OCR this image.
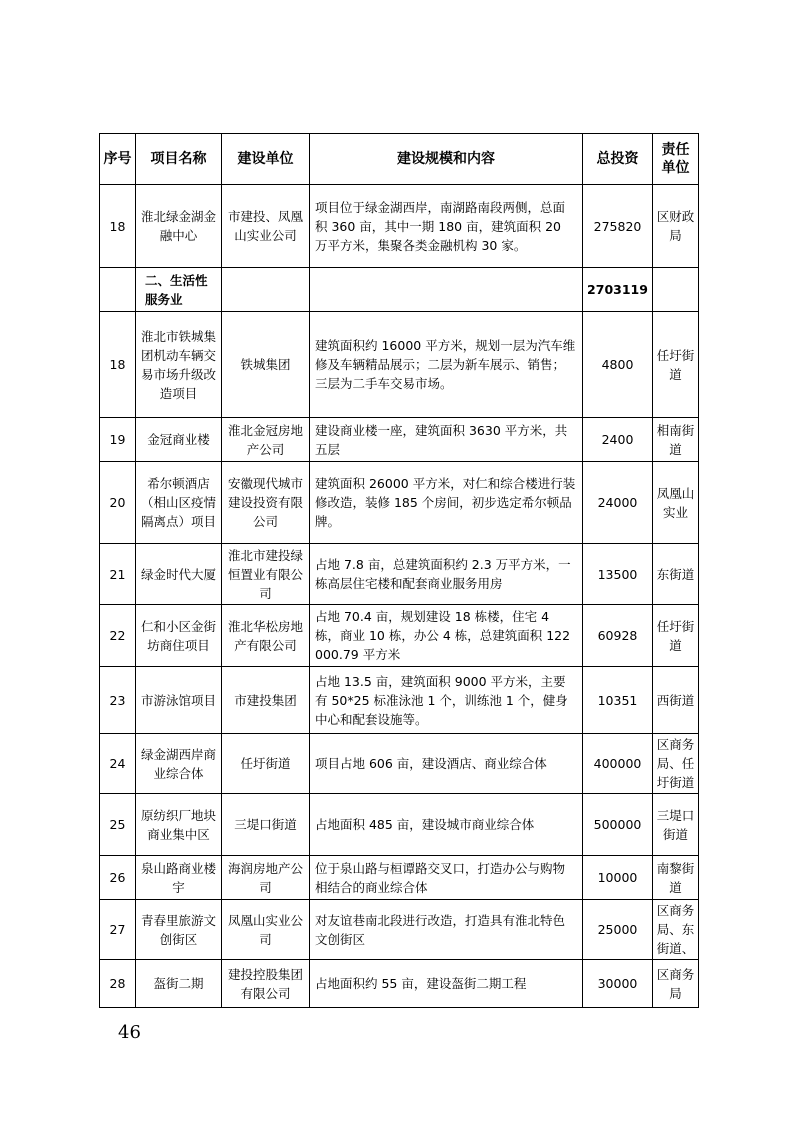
序号	项目名称	建设单位	建设规模和内容	总投资	责任单位
18	淮北绿金湖金融中心	市建投、凤凰山实业公司	项目位于绿金湖西岸，南湖路南段两侧，总面积 360 亩，其中一期 180 亩，建筑面积 20 万平方米，集聚各类金融机构 30 家。	275820	区财政局
	二、生活性服务业			2703119	
18	淮北市铁城集团机动车辆交易市场升级改造项目	铁城集团	建筑面积约 16000 平方米，规划一层为汽车维修及车辆精品展示；二层为新车展示、销售；三层为二手车交易市场。	4800	任圩街道
19	金冠商业楼	淮北金冠房地产公司	建设商业楼一座，建筑面积 3630 平方米，共五层	2400	相南街道
20	希尔顿酒店（相山区疫情隔离点）项目	安徽现代城市建设投资有限公司	建筑面积 26000 平方米，对仁和综合楼进行装修改造，装修 185 个房间，初步选定希尔顿品牌。	24000	凤凰山实业
21	绿金时代大厦	淮北市建投绿恒置业有限公司	占地 7.8 亩，总建筑面积约 2.3 万平方米，一栋高层住宅楼和配套商业服务用房	13500	东街道
22	仁和小区金街坊商住项目	淮北华松房地产有限公司	占地 70.4 亩，规划建设 18 栋楼，住宅 4 栋，商业 10 栋，办公 4 栋，总建筑面积 122000.79 平方米	60928	任圩街道
23	市游泳馆项目	市建投集团	占地 13.5 亩，建筑面积 9000 平方米，主要有 50*25 标准泳池 1 个，训练池 1 个，健身中心和配套设施等。	10351	西街道
24	绿金湖西岸商业综合体	任圩街道	项目占地 606 亩，建设酒店、商业综合体	400000	区商务局、任圩街道
25	原纺织厂地块商业集中区	三堤口街道	占地面积 485 亩，建设城市商业综合体	500000	三堤口街道
26	泉山路商业楼宇	海润房地产公司	位于泉山路与桓谭路交叉口，打造办公与购物相结合的商业综合体	10000	南黎街道
27	青春里旅游文创街区	凤凰山实业公司	对友谊巷南北段进行改造，打造具有淮北特色文创街区	25000	区商务局、东街道、
28	盔街二期	建投控股集团有限公司	占地面积约 55 亩，建设盔街二期工程	30000	区商务局
46
